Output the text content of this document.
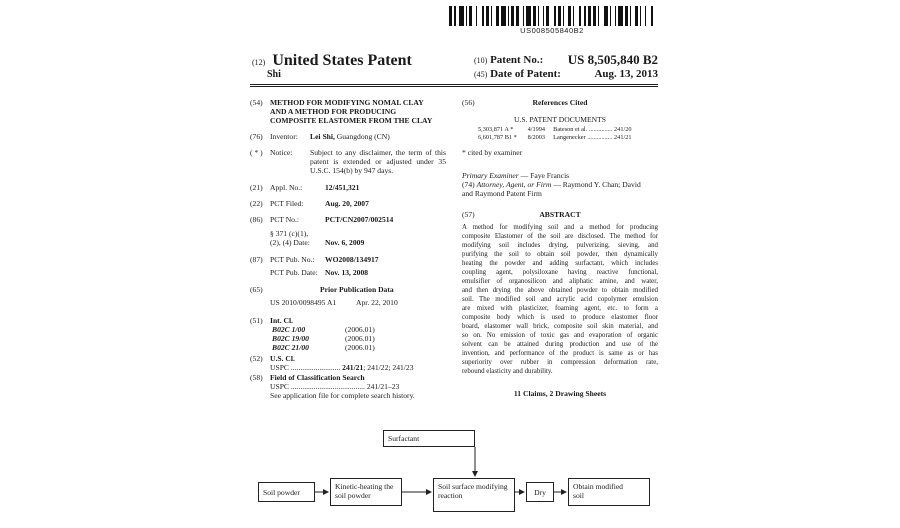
US008505840B2
(12) United States Patent
Shi
(10) Patent No.: US 8,505,840 B2
(45) Date of Patent:	Aug. 13, 2013
(54) METHOD FOR MODIFYING NOMAL CLAY
AND A METHOD FOR PRODUCING
COMPOSITE ELASTOMER FROM THE CLAY
(76) Inventor: Lei Shi, Guangdong (CN)
( * ) Notice: Subject to any disclaimer, the term of this patent is extended or adjusted under 35 U.S.C. 154(b) by 947 days.
(21) Appl. No.:	12/451,321
(22) PCT Filed:	Aug. 20, 2007
(86) PCT No.:	PCT/CN2007/002514
§ 371 (c)(1),
(2), (4) Date: Nov. 6, 2009
(87) PCT Pub. No.: WO2008/134917
PCT Pub. Date: Nov. 13, 2008
(65)	Prior Publication Data
US 2010/0098495 A1	Apr. 22, 2010
(51) Int. Cl.
B02C 1/00	(2006.01)
B02C 19/00	(2006.01)
B02C 21/00	(2006.01)
(52) U.S. Cl.
USPC .......................... 241/21; 241/22; 241/23
(58) Field of Classification Search
USPC ....................................... 241/21–23
See application file for complete search history.
(56)	References Cited
U.S. PATENT DOCUMENTS
5,303,871 A * 4/1994 Bateson et al. ............... 241/20
6,601,787 B1 * 8/2003 Langenecker ................ 241/21
* cited by examiner
Primary Examiner — Faye Francis
(74) Attorney, Agent, or Firm — Raymond Y. Chan; David
and Raymond Patent Firm
(57)	ABSTRACT
A method for modifying soil and a method for producing
composite Elastomer of the soil are disclosed. The method for
modifying soil includes drying, pulverizing, sieving, and
purifying the soil to obtain soil powder, then dynamically
heating the powder and adding surfactant, which includes
coupling agent, polysiloxane having reactive functional,
emulsifier of organosilicon and aliphatic amine, and water,
and then drying the above obtained powder to obtain modified
soil. The modified soil and acrylic acid copolymer emulsion
are mixed with plasticizer, foaming agent, etc. to form a
composite body which is used to produce elastomer floor
board, elastomer wall brick, composite soil skin material, and
so on. No emission of toxic gas and evaporation of organic
solvent can be attained during production and use of the
invention, and performance of the product is same as or has
superiority over rubber in compression deformation rate,
rebound elasticity and durability.
11 Claims, 2 Drawing Sheets
Surfactant
Soil powder
Kinetic-heating the
soil powder
Soil surface modifying
reaction	Dry
Obtain modified
soil
